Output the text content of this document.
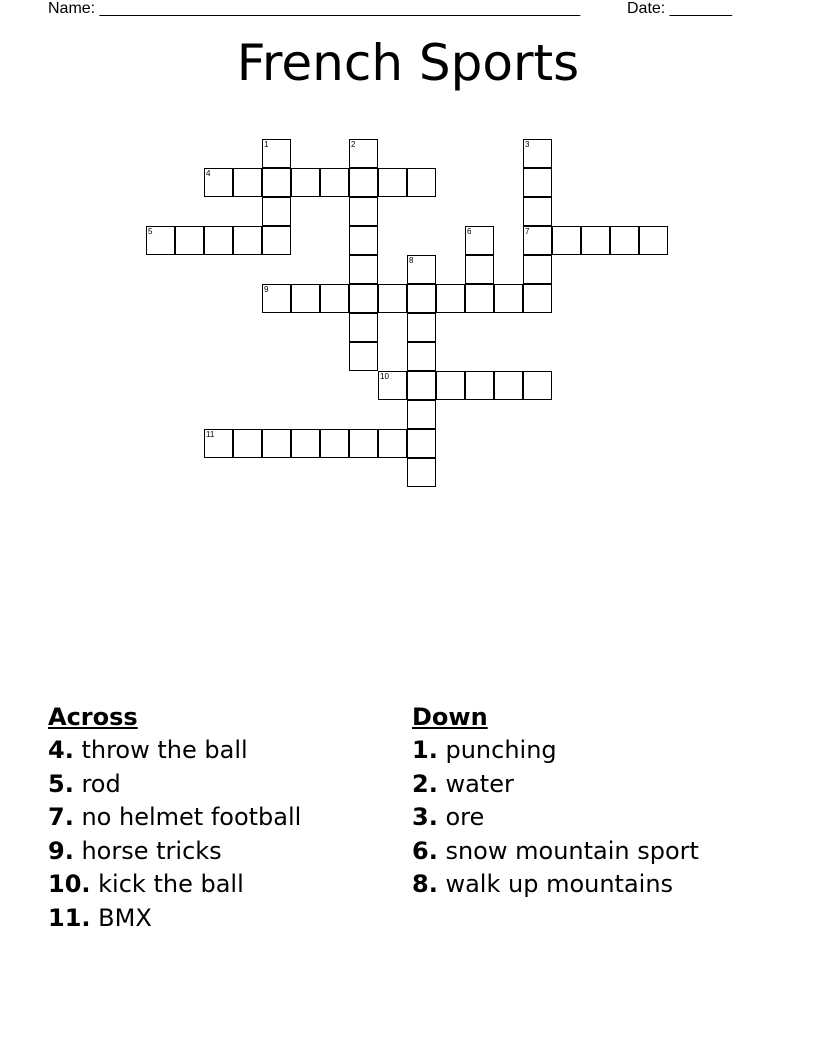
Name: ______________________________________________________	Date: _______
French Sports
1	2	3
7
4
5	6
8
9
10
11
Across
4. throw the ball
5. rod
7. no helmet football
9. horse tricks
10. kick the ball
11. BMX
Down
1. punching
2. water
3. ore
6. snow mountain sport
8. walk up mountains
